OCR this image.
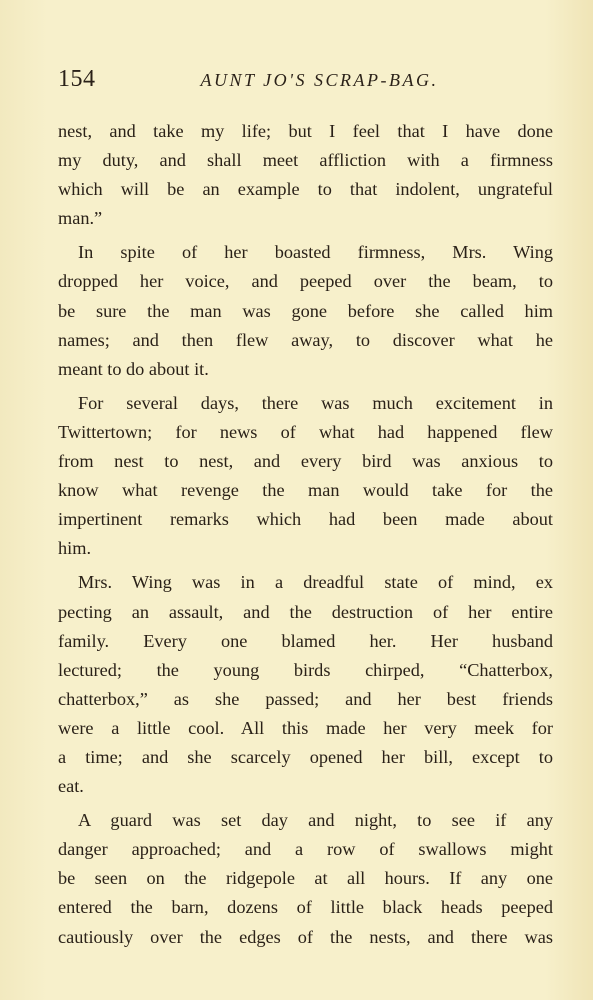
154	AUNT JO'S SCRAP-BAG.
nest, and take my life; but I feel that I have done
my duty, and shall meet affliction with a firmness
which will be an example to that indolent, ungrateful
man.”
In spite of her boasted firmness, Mrs. Wing
dropped her voice, and peeped over the beam, to
be sure the man was gone before she called him
names; and then flew away, to discover what he
meant to do about it.
For several days, there was much excitement in
Twittertown; for news of what had happened flew
from nest to nest, and every bird was anxious to
know what revenge the man would take for the
impertinent remarks which had been made about
him.
Mrs. Wing was in a dreadful state of mind, ex
pecting an assault, and the destruction of her entire
family. Every one blamed her. Her husband
lectured; the young birds chirped, “Chatterbox,
chatterbox,” as she passed; and her best friends
were a little cool. All this made her very meek for
a time; and she scarcely opened her bill, except to
eat.
A guard was set day and night, to see if any
danger approached; and a row of swallows might
be seen on the ridgepole at all hours. If any one
entered the barn, dozens of little black heads peeped
cautiously over the edges of the nests, and there was
